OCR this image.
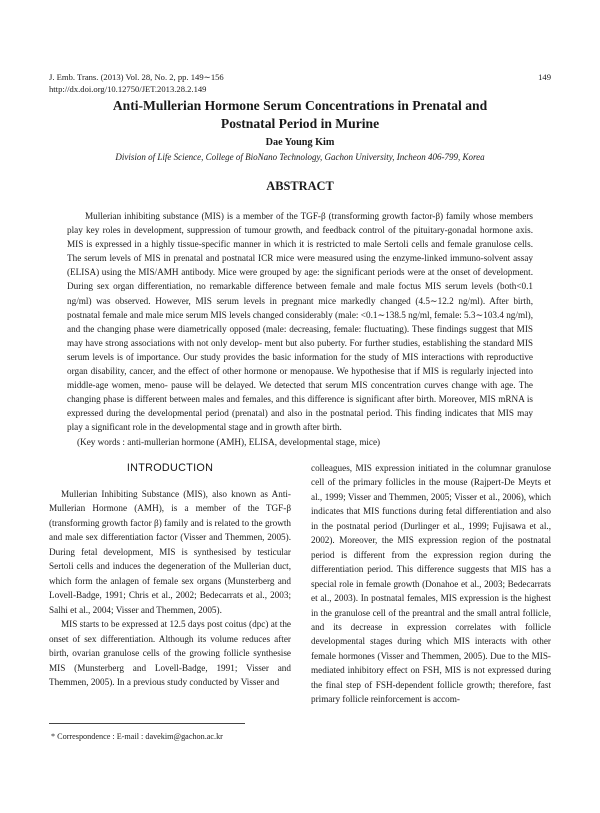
J. Emb. Trans. (2013) Vol. 28, No. 2, pp. 149∼156
http://dx.doi.org/10.12750/JET.2013.28.2.149
149
Anti-Mullerian Hormone Serum Concentrations in Prenatal and
Postnatal Period in Murine
Dae Young Kim
Division of Life Science, College of BioNano Technology, Gachon University, Incheon 406-799, Korea
ABSTRACT

Mullerian inhibiting substance (MIS) is a member of the TGF-β (transforming growth factor-β) family whose members play key roles in development, suppression of tumour growth, and feedback control of the pituitary-gonadal hormone axis. MIS is expressed in a highly tissue-specific manner in which it is restricted to male Sertoli cells and female granulose cells. The serum levels of MIS in prenatal and postnatal ICR mice were measured using the enzyme-linked immuno-solvent assay (ELISA) using the MIS/AMH antibody. Mice were grouped by age: the significant periods were at the onset of development. During sex organ differentiation, no remarkable difference between female and male foctus MIS serum levels (both<0.1 ng/ml) was observed. However, MIS serum levels in pregnant mice markedly changed (4.5∼12.2 ng/ml). After birth, postnatal female and male mice serum MIS levels changed considerably (male: <0.1∼138.5 ng/ml, female: 5.3∼103.4 ng/ml), and the changing phase were diametrically opposed (male: decreasing, female: fluctuating). These findings suggest that MIS may have strong associations with not only develop- ment but also puberty. For further studies, establishing the standard MIS serum levels is of importance. Our study provides the basic information for the study of MIS interactions with reproductive organ disability, cancer, and the effect of other hormone or menopause. We hypothesise that if MIS is regularly injected into middle-age women, meno- pause will be delayed. We detected that serum MIS concentration curves change with age. The changing phase is different between males and females, and this difference is significant after birth. Moreover, MIS mRNA is expressed during the developmental period (prenatal) and also in the postnatal period. This finding indicates that MIS may play a significant role in the developmental stage and in growth after birth.

(Key words : anti-mullerian hormone (AMH), ELISA, developmental stage, mice)

INTRODUCTION

Mullerian Inhibiting Substance (MIS), also known as Anti-Mullerian Hormone (AMH), is a member of the TGF-β (transforming growth factor β) family and is related to the growth and male sex differentiation factor (Visser and Themmen, 2005). During fetal development, MIS is synthesised by testicular Sertoli cells and induces the degeneration of the Mullerian duct, which form the anlagen of female sex organs (Munsterberg and Lovell-Badge, 1991; Chris et al., 2002; Bedecarrats et al., 2003; Salhi et al., 2004; Visser and Themmen, 2005).

MIS starts to be expressed at 12.5 days post coitus (dpc) at the onset of sex differentiation. Although its volume reduces after birth, ovarian granulose cells of the growing follicle synthesise MIS (Munsterberg and Lovell-Badge, 1991; Visser and Themmen, 2005). In a previous study conducted by Visser and

colleagues, MIS expression initiated in the columnar granulose cell of the primary follicles in the mouse (Rajpert-De Meyts et al., 1999; Visser and Themmen, 2005; Visser et al., 2006), which indicates that MIS functions during fetal differentiation and also in the postnatal period (Durlinger et al., 1999; Fujisawa et al., 2002). Moreover, the MIS expression region of the postnatal period is different from the expression region during the differentiation period. This difference suggests that MIS has a special role in female growth (Donahoe et al., 2003; Bedecarrats et al., 2003). In postnatal females, MIS expression is the highest in the granulose cell of the preantral and the small antral follicle, and its decrease in expression correlates with follicle developmental stages during which MIS interacts with other female hormones (Visser and Themmen, 2005). Due to the MIS-mediated inhibitory effect on FSH, MIS is not expressed during the final step of FSH-dependent follicle growth; therefore, fast primary follicle reinforcement is accom-

* Correspondence : E-mail : davekim@gachon.ac.kr
